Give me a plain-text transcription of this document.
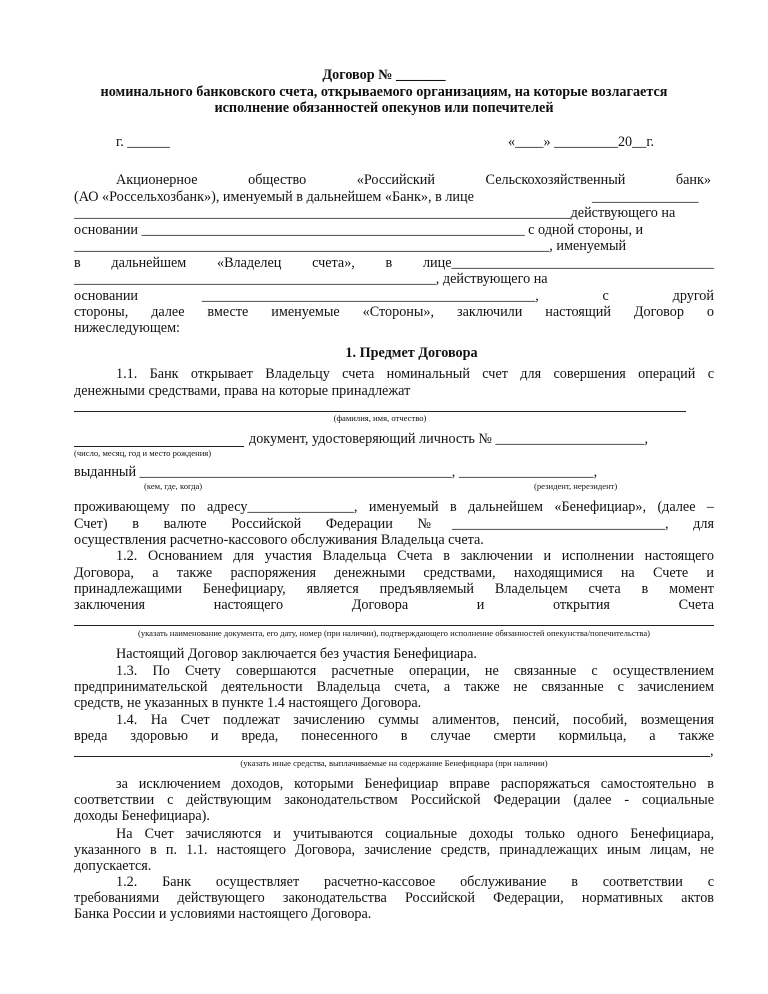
Договор № _______
номинального банковского счета, открываемого организациям, на которые возлагается
исполнение обязанностей опекунов или попечителей
г. ______	«____» _________20__г.
Акционерное общество «Российский Сельскохозяйственный банк»
(АО «Россельхозбанк»), именуемый в дальнейшем «Банк», в лице	_______________
______________________________________________________________________действующего на
основании ______________________________________________________ с одной стороны, и
___________________________________________________________________, именуемый
в дальнейшем «Владелец счета», в лице_____________________________________
___________________________________________________, действующего на
основании _______________________________________________, с другой
стороны, далее вместе именуемые «Стороны», заключили настоящий Договор о
нижеследующем:
1. Предмет Договора
1.1. Банк открывает Владельцу счета номинальный счет для совершения операций с
денежными средствами, права на которые принадлежат
(фамилия, имя, отчество)
документ, удостоверяющий личность № _____________________,
(число, месяц, год и место рождения)
выданный ____________________________________________, ___________________,
(кем, где, когда)	(резидент, нерезидент)
проживающему по адресу_______________, именуемый в дальнейшем «Бенефициар», (далее –
Счет) в валюте Российской Федерации №______________________________, для
осуществления расчетно-кассового обслуживания Владельца счета.
1.2. Основанием для участия Владельца Счета в заключении и исполнении настоящего
Договора, а также распоряжения денежными средствами, находящимися на Счете и
принадлежащими Бенефициару, является предъявляемый Владельцем счета в момент
заключения настоящего Договора и открытия Счета
(указать наименование документа, его дату, номер (при наличии), подтверждающего исполнение обязанностей опекунства/попечительства)
Настоящий Договор заключается без участия Бенефициара.
1.3. По Счету совершаются расчетные операции, не связанные с осуществлением
предпринимательской деятельности Владельца счета, а также не связанные с зачислением
средств, не указанных в пункте 1.4 настоящего Договора.
1.4. На Счет подлежат зачислению суммы алиментов, пенсий, пособий, возмещения
вреда здоровью и вреда, понесенного в случае смерти кормильца, а также
,
(указать иные средства, выплачиваемые на содержание Бенефициара (при наличии)
за исключением доходов, которыми Бенефициар вправе распоряжаться самостоятельно в
соответствии с действующим законодательством Российской Федерации (далее - социальные
доходы Бенефициара).
На Счет зачисляются и учитываются социальные доходы только одного Бенефициара,
указанного в п. 1.1. настоящего Договора, зачисление средств, принадлежащих иным лицам, не
допускается.
1.2. Банк осуществляет расчетно-кассовое обслуживание в соответствии с
требованиями действующего законодательства Российской Федерации, нормативных актов
Банка России и условиями настоящего Договора.
